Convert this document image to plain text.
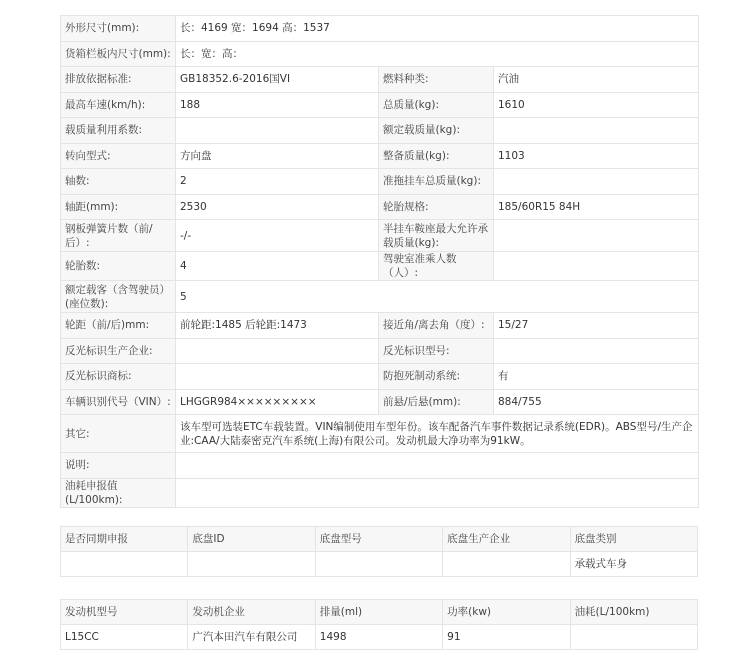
外形尺寸(mm):	长：4169 宽：1694 高：1537		
货箱栏板内尺寸(mm):	长：宽：高：		
排放依据标准:	GB18352.6-2016国VI	燃料种类:	汽油
最高车速(km/h):	188	总质量(kg):	1610
载质量利用系数:		额定载质量(kg):	
转向型式:	方向盘	整备质量(kg):	1103
轴数:	2	准拖挂车总质量(kg):	
轴距(mm):	2530	轮胎规格:	185/60R15 84H
钢板弹簧片数（前/后）:	-/-	半挂车鞍座最大允许承载质量(kg):	
轮胎数:	4	驾驶室准乘人数（人）:	
额定载客（含驾驶员）(座位数):	5		
轮距（前/后)mm:	前轮距:1485 后轮距:1473	接近角/离去角（度）:	15/27
反光标识生产企业:		反光标识型号:	
反光标识商标:		防抱死制动系统:	有
车辆识别代号（VIN）:	LHGGR984×××××××××	前悬/后悬(mm):	884/755
其它:	该车型可选装ETC车载装置。VIN编制使用车型年份。该车配备汽车事件数据记录系统(EDR)。ABS型号/生产企业:CAA/大陆泰密克汽车系统(上海)有限公司。发动机最大净功率为91kW。		
说明:			
油耗申报值(L/100km):			
是否同期申报	底盘ID	底盘型号	底盘生产企业	底盘类别
				承载式车身
发动机型号	发动机企业	排量(ml)	功率(kw)	油耗(L/100km)
L15CC	广汽本田汽车有限公司	1498	91	
